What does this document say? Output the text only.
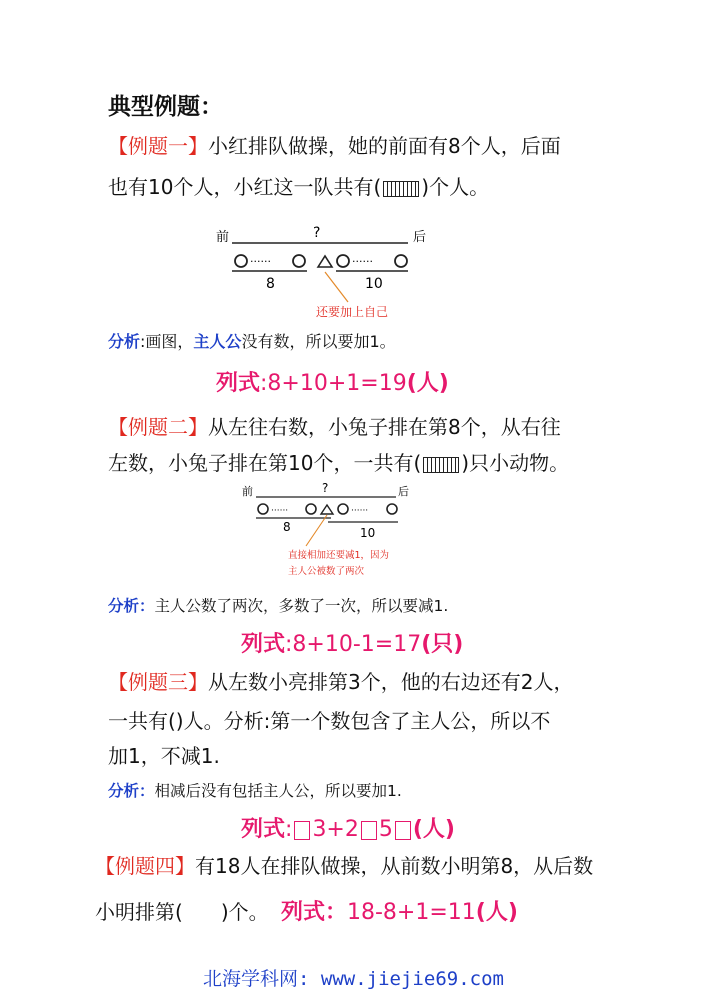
典型例题：
【例题一】小红排队做操，她的前面有8个人，后面
也有10个人，小红这一队共有( )个人。
前	后
?
······	······
8	10
还要加上自己
分析:画图，主人公没有数，所以要加1。
列式:8+10+1=19(人)
【例题二】从左往右数，小兔子排在第8个，从右往
左数，小兔子排在第10个，一共有( )只小动物。
前	后
?
······	······
8	10
直接相加还要减1，因为
主人公被数了两次
分析：主人公数了两次，多数了一次，所以要减1.
列式:8+10-1=17(只)
【例题三】从左数小亮排第3个，他的右边还有2人，
一共有()人。分析:第一个数包含了主人公，所以不
加1，不减1.
分析：相减后没有包括主人公，所以要加1.
列式: 3+2 5 (人)
【例题四】有18人在排队做操，从前数小明第8，从后数
小明排第( )个。 列式：18-8+1=11(人)
北海学科网: www.jiejie69.com
